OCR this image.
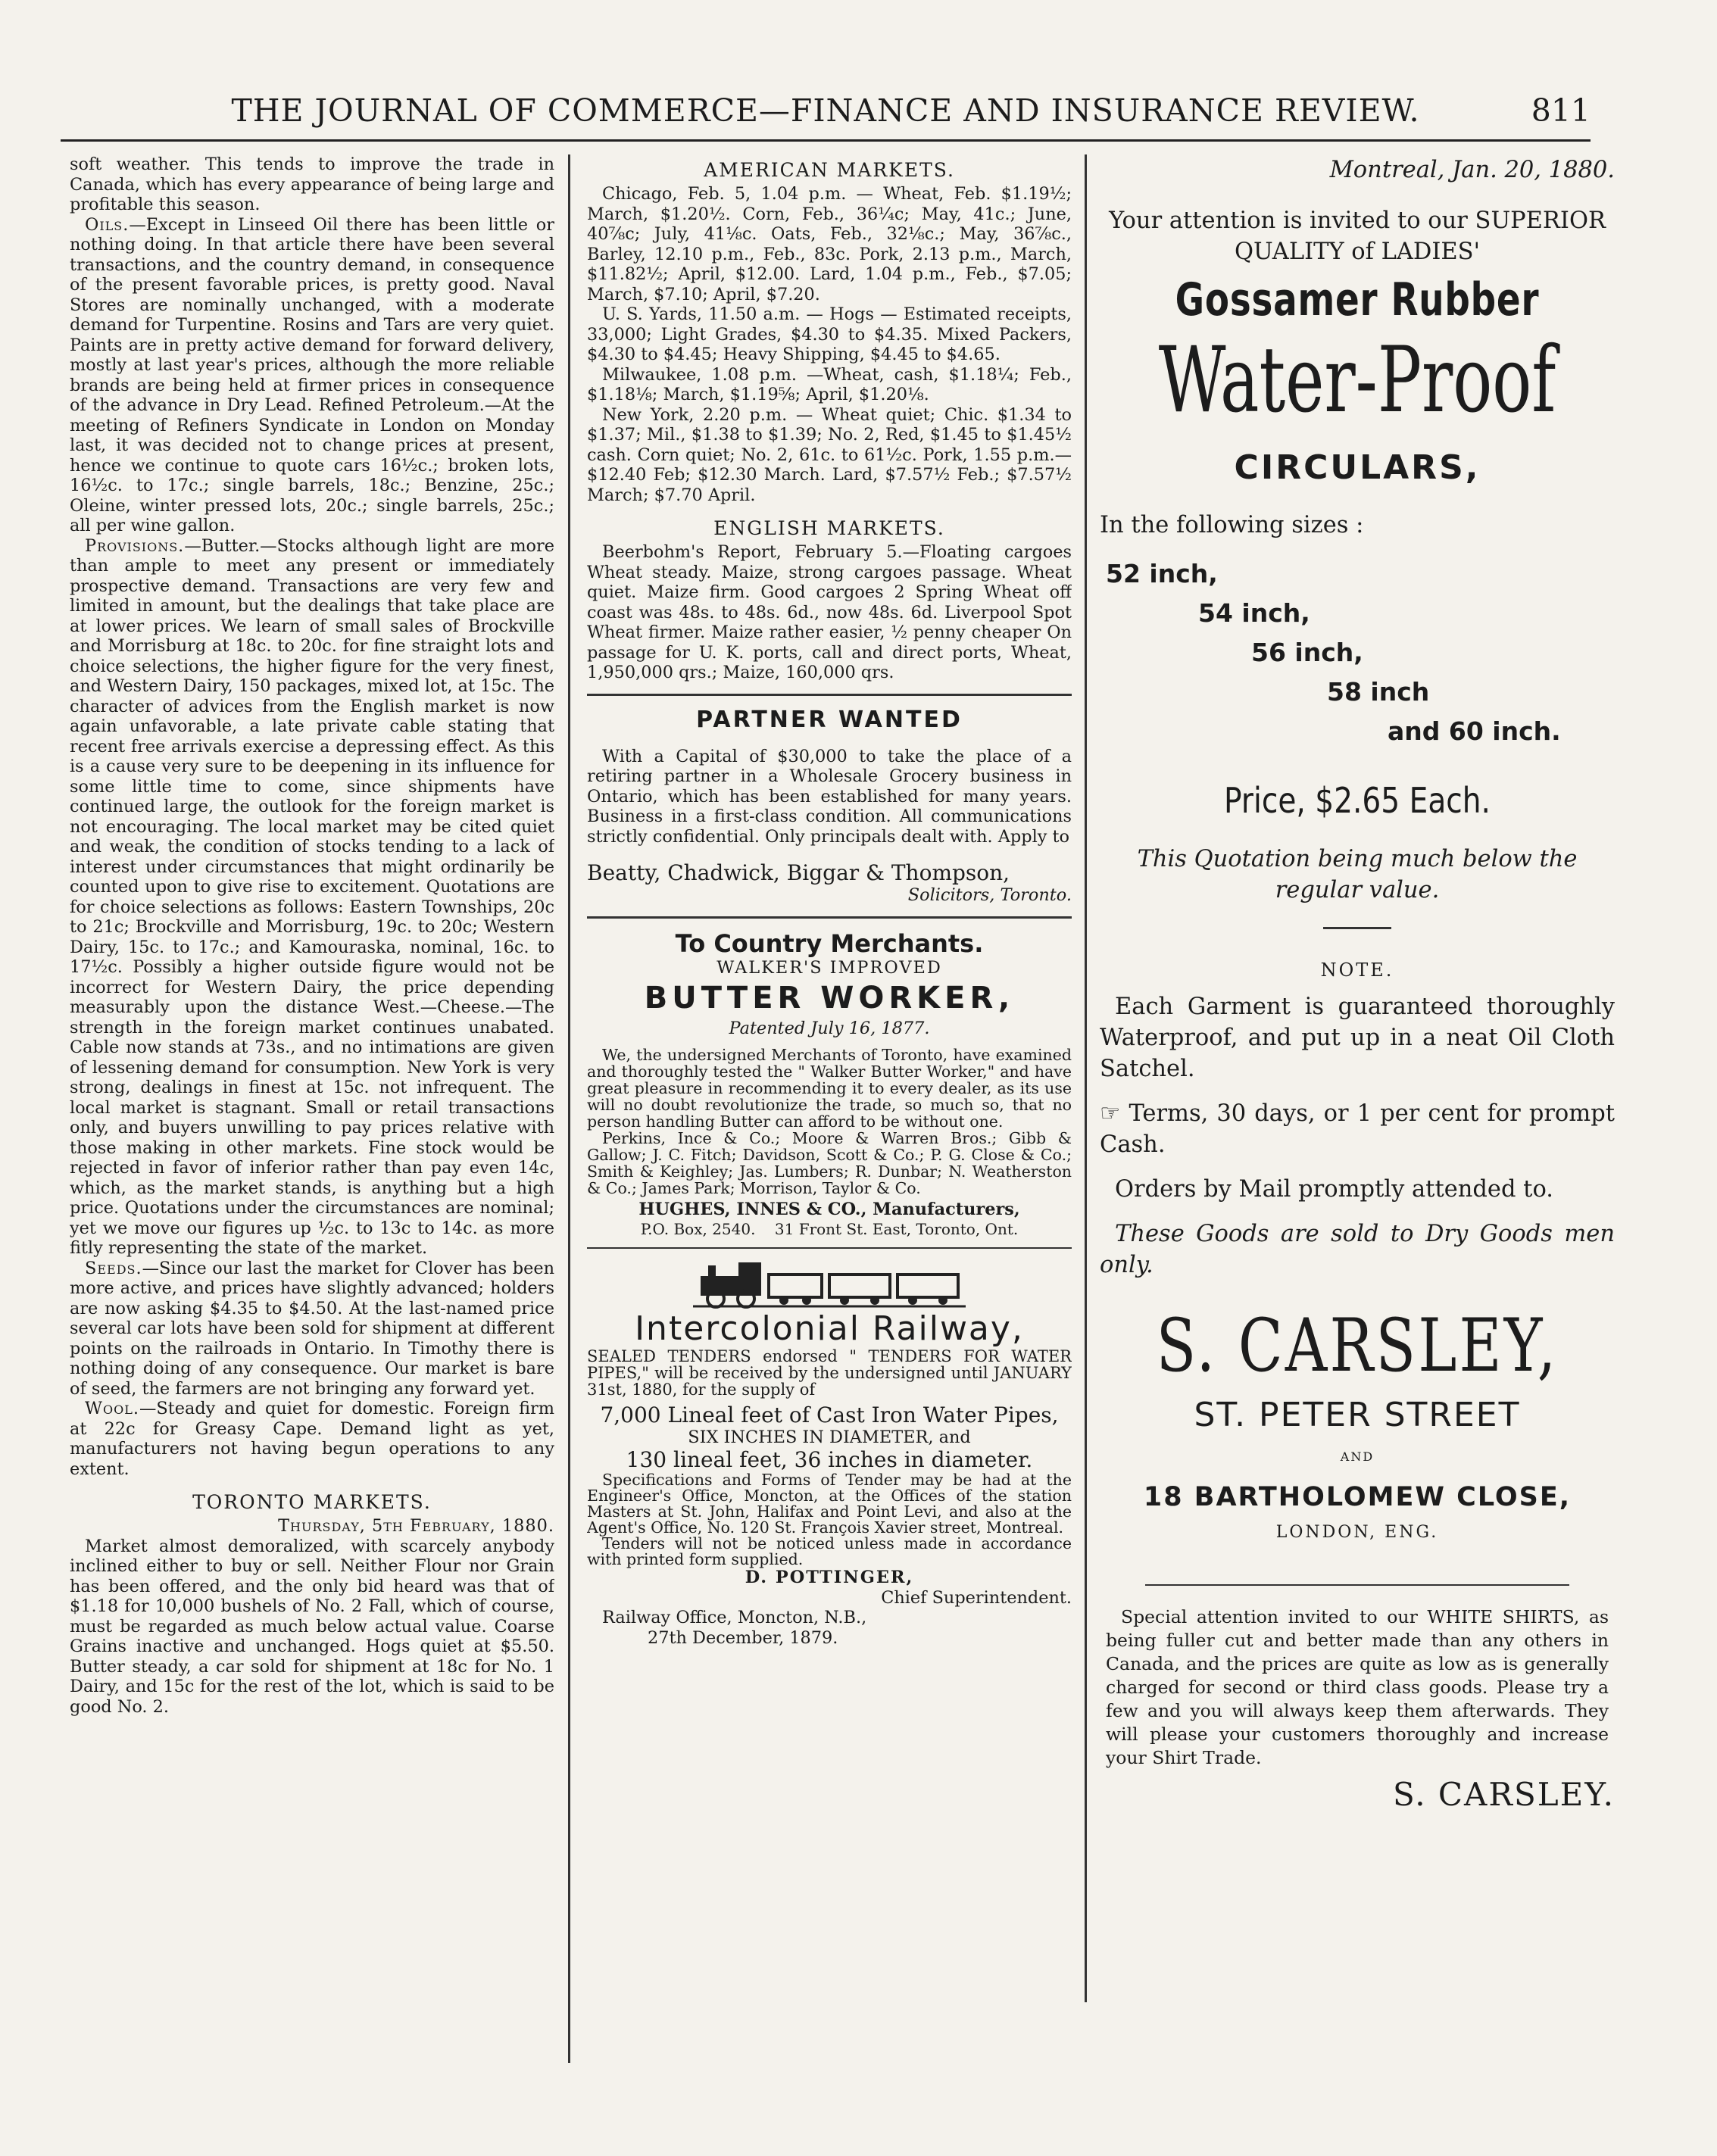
THE JOURNAL OF COMMERCE—FINANCE AND INSURANCE REVIEW.	811

soft weather. This tends to improve the trade in Canada, which has every appearance of being large and profitable this season.

Oils.—Except in Linseed Oil there has been little or nothing doing. In that article there have been several transactions, and the country demand, in consequence of the present favorable prices, is pretty good. Naval Stores are nominally unchanged, with a moderate demand for Turpentine. Rosins and Tars are very quiet. Paints are in pretty active demand for forward delivery, mostly at last year's prices, although the more reliable brands are being held at firmer prices in consequence of the advance in Dry Lead. Refined Petroleum.—At the meeting of Refiners Syndicate in London on Monday last, it was decided not to change prices at present, hence we continue to quote cars 16½c.; broken lots, 16½c. to 17c.; single barrels, 18c.; Benzine, 25c.; Oleine, winter pressed lots, 20c.; single barrels, 25c.; all per wine gallon.

Provisions.—Butter.—Stocks although light are more than ample to meet any present or immediately prospective demand. Transactions are very few and limited in amount, but the dealings that take place are at lower prices. We learn of small sales of Brockville and Morrisburg at 18c. to 20c. for fine straight lots and choice selections, the higher figure for the very finest, and Western Dairy, 150 packages, mixed lot, at 15c. The character of advices from the English market is now again unfavorable, a late private cable stating that recent free arrivals exercise a depressing effect. As this is a cause very sure to be deepening in its influence for some little time to come, since shipments have continued large, the outlook for the foreign market is not encouraging. The local market may be cited quiet and weak, the condition of stocks tending to a lack of interest under circumstances that might ordinarily be counted upon to give rise to excitement. Quotations are for choice selections as follows: Eastern Townships, 20c to 21c; Brockville and Morrisburg, 19c. to 20c; Western Dairy, 15c. to 17c.; and Kamouraska, nominal, 16c. to 17½c. Possibly a higher outside figure would not be incorrect for Western Dairy, the price depending measurably upon the distance West.—Cheese.—The strength in the foreign market continues unabated. Cable now stands at 73s., and no intimations are given of lessening demand for consumption. New York is very strong, dealings in finest at 15c. not infrequent. The local market is stagnant. Small or retail transactions only, and buyers unwilling to pay prices relative with those making in other markets. Fine stock would be rejected in favor of inferior rather than pay even 14c, which, as the market stands, is anything but a high price. Quotations under the circumstances are nominal; yet we move our figures up ½c. to 13c to 14c. as more fitly representing the state of the market.

Seeds.—Since our last the market for Clover has been more active, and prices have slightly advanced; holders are now asking $4.35 to $4.50. At the last-named price several car lots have been sold for shipment at different points on the railroads in Ontario. In Timothy there is nothing doing of any consequence. Our market is bare of seed, the farmers are not bringing any forward yet.

Wool.—Steady and quiet for domestic. Foreign firm at 22c for Greasy Cape. Demand light as yet, manufacturers not having begun operations to any extent.

TORONTO MARKETS.

Thursday, 5th February, 1880.

Market almost demoralized, with scarcely anybody inclined either to buy or sell. Neither Flour nor Grain has been offered, and the only bid heard was that of $1.18 for 10,000 bushels of No. 2 Fall, which of course, must be regarded as much below actual value. Coarse Grains inactive and unchanged. Hogs quiet at $5.50. Butter steady, a car sold for shipment at 18c for No. 1 Dairy, and 15c for the rest of the lot, which is said to be good No. 2.

AMERICAN MARKETS.

Chicago, Feb. 5, 1.04 p.m. — Wheat, Feb. $1.19½; March, $1.20½. Corn, Feb., 36¼c; May, 41c.; June, 40⅞c; July, 41⅛c. Oats, Feb., 32⅛c.; May, 36⅞c., Barley, 12.10 p.m., Feb., 83c. Pork, 2.13 p.m., March, $11.82½; April, $12.00. Lard, 1.04 p.m., Feb., $7.05; March, $7.10; April, $7.20.

U. S. Yards, 11.50 a.m. — Hogs — Estimated receipts, 33,000; Light Grades, $4.30 to $4.35. Mixed Packers, $4.30 to $4.45; Heavy Shipping, $4.45 to $4.65.

Milwaukee, 1.08 p.m. —Wheat, cash, $1.18¼; Feb., $1.18⅛; March, $1.19⅝; April, $1.20⅛.

New York, 2.20 p.m. — Wheat quiet; Chic. $1.34 to $1.37; Mil., $1.38 to $1.39; No. 2, Red, $1.45 to $1.45½ cash. Corn quiet; No. 2, 61c. to 61½c. Pork, 1.55 p.m.—$12.40 Feb; $12.30 March. Lard, $7.57½ Feb.; $7.57½ March; $7.70 April.

ENGLISH MARKETS.

Beerbohm's Report, February 5.—Floating cargoes Wheat steady. Maize, strong cargoes passage. Wheat quiet. Maize firm. Good cargoes 2 Spring Wheat off coast was 48s. to 48s. 6d., now 48s. 6d. Liverpool Spot Wheat firmer. Maize rather easier, ½ penny cheaper On passage for U. K. ports, call and direct ports, Wheat, 1,950,000 qrs.; Maize, 160,000 qrs.

PARTNER WANTED

With a Capital of $30,000 to take the place of a retiring partner in a Wholesale Grocery business in Ontario, which has been established for many years. Business in a first-class condition. All communications strictly confidential. Only principals dealt with. Apply to

Beatty, Chadwick, Biggar & Thompson,

Solicitors, Toronto.

To Country Merchants.

WALKER'S IMPROVED

BUTTER WORKER,

Patented July 16, 1877.

We, the undersigned Merchants of Toronto, have examined and thoroughly tested the " Walker Butter Worker," and have great pleasure in recommending it to every dealer, as its use will no doubt revolutionize the trade, so much so, that no person handling Butter can afford to be without one.

Perkins, Ince & Co.; Moore & Warren Bros.; Gibb & Gallow; J. C. Fitch; Davidson, Scott & Co.; P. G. Close & Co.; Smith & Keighley; Jas. Lumbers; R. Dunbar; N. Weatherston & Co.; James Park; Morrison, Taylor & Co.

HUGHES, INNES & CO., Manufacturers,

P.O. Box, 2540.    31 Front St. East, Toronto, Ont.

Intercolonial Railway,

SEALED TENDERS endorsed " TENDERS FOR WATER PIPES," will be received by the undersigned until JANUARY 31st, 1880, for the supply of

7,000 Lineal feet of Cast Iron Water Pipes,

SIX INCHES IN DIAMETER, and

130 lineal feet, 36 inches in diameter.

Specifications and Forms of Tender may be had at the Engineer's Office, Moncton, at the Offices of the station Masters at St. John, Halifax and Point Levi, and also at the Agent's Office, No. 120 St. François Xavier street, Montreal.

Tenders will not be noticed unless made in accordance with printed form supplied.

D. POTTINGER,

Chief Superintendent.

Railway Office, Moncton, N.B.,

27th December, 1879.

Montreal, Jan. 20, 1880.

Your attention is invited to our SUPERIOR QUALITY of LADIES'

Gossamer Rubber
Water-Proof
CIRCULARS,

In the following sizes :

52 inch,
54 inch,
56 inch,
58 inch
and 60 inch.
Price, $2.65 Each.

This Quotation being much below the regular value.

NOTE.

Each Garment is guaranteed thoroughly Waterproof, and put up in a neat Oil Cloth Satchel.

☞ Terms, 30 days, or 1 per cent for prompt Cash.

Orders by Mail promptly attended to.

These Goods are sold to Dry Goods men only.

S. CARSLEY,
ST. PETER STREET

AND

18 BARTHOLOMEW CLOSE,

LONDON, ENG.

Special attention invited to our WHITE SHIRTS, as being fuller cut and better made than any others in Canada, and the prices are quite as low as is generally charged for second or third class goods. Please try a few and you will always keep them afterwards. They will please your customers thoroughly and increase your Shirt Trade.

S. CARSLEY.
